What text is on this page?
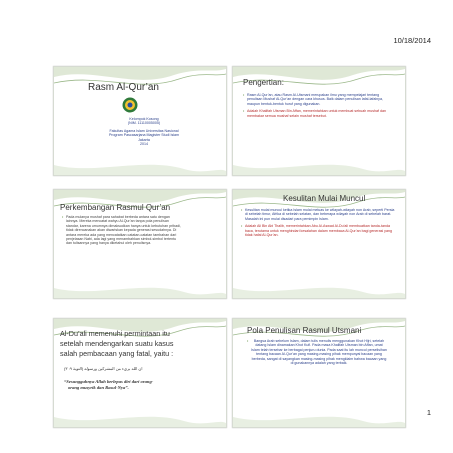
10/18/2014
Rasm Al-Qur’an
Kelompok Kosong
(NIM. 11110005005)
Fakultas Agama Islam Universitas Nasional
Program Pascasarjana Magister Studi Islam
Jakarta
2014
Pengertian:
• Rasm Al-Qur’an, atau Rasm Al-Utsmani merupakan ilmu yang mempelajari tentang penulisan Mushaf Al-Qur’an dengan cara khusus. Baik dalam penulisan lafal-lafalnya, maupun bentuk-bentuk huruf yang digunakan.
• Adalah Khalifah Utsman Bin Affan, memerintahkan untuk membuat sebuah mushaf dan membakar semua mushaf selain mushaf tersebut.
Perkembangan Rasmul Qur’an
• Pada mulanya mushaf para sahabat berbeda antara satu dengan lainnya. Mereka mencatat wahyu Al-Qur’an tanpa pola penulisan standar, karena umumnya dimaksudkan hanya untuk kebutuhan pribadi, tidak direncanakan akan diwariskan kepada generasi sesudahnya. Di antara mereka ada yang mencatatkan catatan-catatan tambahan dari penjelasan Nabi, ada lagi yang menambahkan simbol-simbol tertentu dan tulisannya yang hanya diketahui oleh penulisnya.
Kesulitan Mulai Muncul
• Kesulitan mulai muncul ketika Islam mulai meluas ke wilayah-wilayah non Arab, seperti Persia di sebelah timur, Afrika di sebelah selatan, dan beberapa wilayah non Arab di sebelah barat. Masalah ini pun mulai disadari para pemimpin Islam.
• Adalah Ali Bin Abi Thalib, memerintahkan Abu Al-Aswad Al-Du’ali membuatkan tanda-tanda baca, terutama untuk menghindari kesalahan dalam membaca Al-Qur’an bagi generasi yang tidak hafal Al-Qur’an.
Al-Du’ali memenuhi permintaan itu
setelah mendengarkan suatu kasus
salah pembacaan yang fatal, yaitu :
ان الله بريء من المشركين ورسوله (التوبة ٩: ٣)
“Sesungguhnya Allah berlepas diri dari orang-
orang musyrik dan Rasul-Nya”.
Pola Penulisan Rasmul Utsmani
• Bangsa Arab sebelum Islam, dalam tulis menulis menggunakan Khot Hijri, setelah datang Islam dinamakan Khot Kufi. Pada masa Khalifah Utsman bin Affan, umat Islam telah tersebar ke berbagai penjuru dunia. Pada saat itu lah muncul perselisihan tentang bacaan Al-Qur’an yang masing-masing pihak mempunyai bacaan yang berbeda, sangat di sayangkan masing-masing pihak mengklaim bahwa bacaan yang di gunakannya adalah yang terbaik.
1
